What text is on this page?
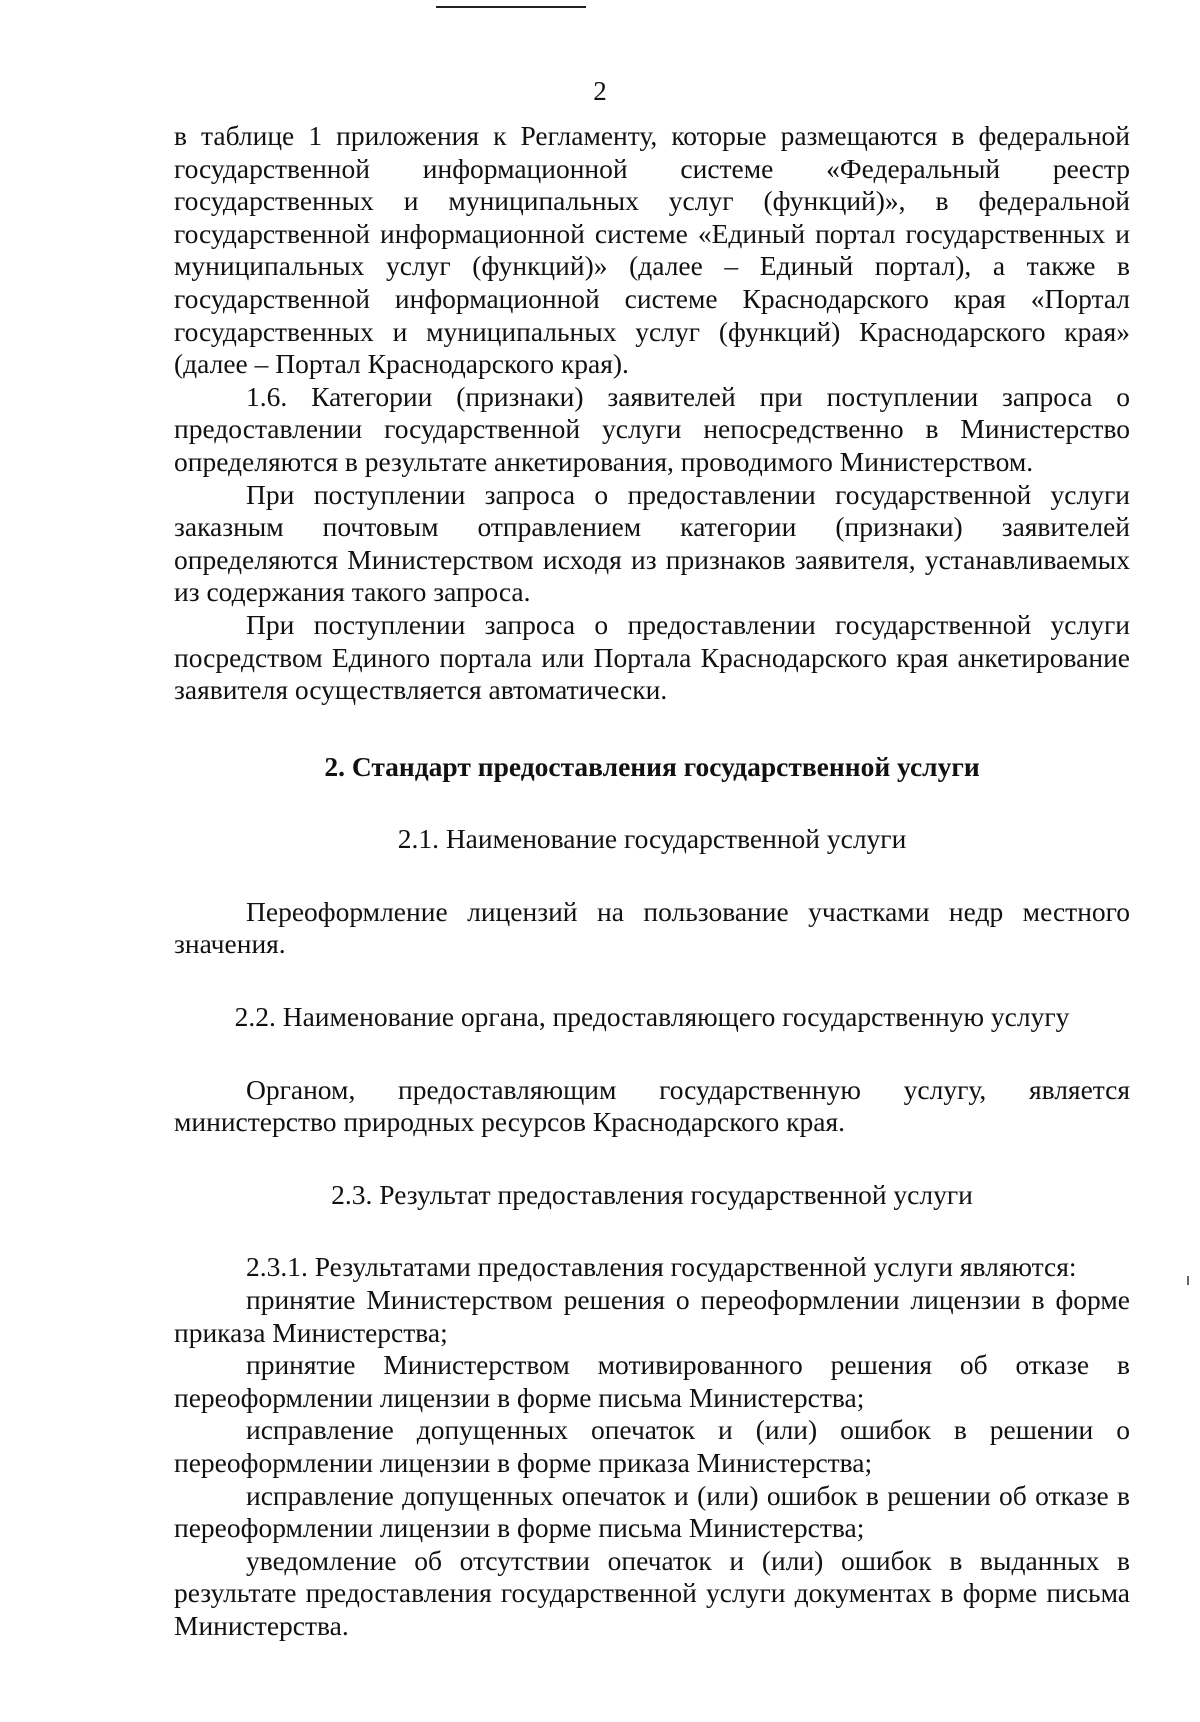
2

в таблице 1 приложения к Регламенту, которые размещаются в федеральной государственной информационной системе «Федеральный реестр государственных и муниципальных услуг (функций)», в федеральной государственной информационной системе «Единый портал государственных и муниципальных услуг (функций)» (далее – Единый портал), а также в государственной информационной системе Краснодарского края «Портал государственных и муниципальных услуг (функций) Краснодарского края» (далее – Портал Краснодарского края).

1.6. Категории (признаки) заявителей при поступлении запроса о предоставлении государственной услуги непосредственно в Министерство определяются в результате анкетирования, проводимого Министерством.

При поступлении запроса о предоставлении государственной услуги заказным почтовым отправлением категории (признаки) заявителей определяются Министерством исходя из признаков заявителя, устанавливаемых из содержания такого запроса.

При поступлении запроса о предоставлении государственной услуги посредством Единого портала или Портала Краснодарского края анкетирование заявителя осуществляется автоматически.

2. Стандарт предоставления государственной услуги

2.1. Наименование государственной услуги

Переоформление лицензий на пользование участками недр местного значения.

2.2. Наименование органа, предоставляющего государственную услугу

Органом, предоставляющим государственную услугу, является министерство природных ресурсов Краснодарского края.

2.3. Результат предоставления государственной услуги

2.3.1. Результатами предоставления государственной услуги являются:

принятие Министерством решения о переоформлении лицензии в форме приказа Министерства;

принятие Министерством мотивированного решения об отказе в переоформлении лицензии в форме письма Министерства;

исправление допущенных опечаток и (или) ошибок в решении о переоформлении лицензии в форме приказа Министерства;

исправление допущенных опечаток и (или) ошибок в решении об отказе в переоформлении лицензии в форме письма Министерства;

уведомление об отсутствии опечаток и (или) ошибок в выданных в результате предоставления государственной услуги документах в форме письма Министерства.
